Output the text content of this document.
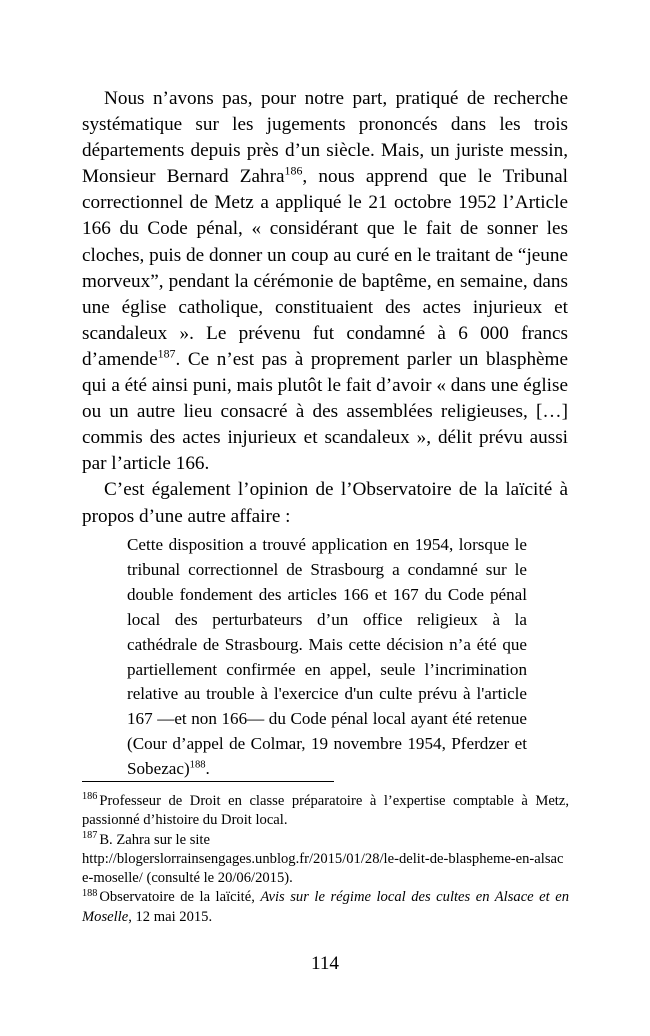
Nous n’avons pas, pour notre part, pratiqué de recherche systématique sur les jugements prononcés dans les trois départements depuis près d’un siècle. Mais, un juriste messin, Monsieur Bernard Zahra$^{186}$, nous apprend que le Tribunal correctionnel de Metz a appliqué le 21 octobre 1952 l’Article 166 du Code pénal, « considérant que le fait de sonner les cloches, puis de donner un coup au curé en le traitant de “jeune morveux”, pendant la cérémonie de baptême, en semaine, dans une église catholique, constituaient des actes injurieux et scandaleux ». Le prévenu fut condamné à 6 000 francs d’amende$^{187}$. Ce n’est pas à proprement parler un blasphème qui a été ainsi puni, mais plutôt le fait d’avoir « dans une église ou un autre lieu consacré à des assemblées religieuses, […] commis des actes injurieux et scandaleux », délit prévu aussi par l’article 166.

C’est également l’opinion de l’Observatoire de la laïcité à propos d’une autre affaire :

Cette disposition a trouvé application en 1954, lorsque le tribunal correctionnel de Strasbourg a condamné sur le double fondement des articles 166 et 167 du Code pénal local des perturbateurs d’un office religieux à la cathédrale de Strasbourg. Mais cette décision n’a été que partiellement confirmée en appel, seule l’incrimination relative au trouble à l'exercice d'un culte prévu à l'article 167 —et non 166— du Code pénal local ayant été retenue (Cour d’appel de Colmar, 19 novembre 1954, Pferdzer et Sobezac)$^{188}$.

$^{186}$ Professeur de Droit en classe préparatoire à l’expertise comptable à Metz, passionné d’histoire du Droit local.

$^{187}$ B. Zahra sur le site
http://blogerslorrainsengages.unblog.fr/2015/01/28/le-delit-de-blaspheme-en-alsace-moselle/ (consulté le 20/06/2015).

$^{188}$ Observatoire de la laïcité, Avis sur le régime local des cultes en Alsace et en Moselle, 12 mai 2015.

114
